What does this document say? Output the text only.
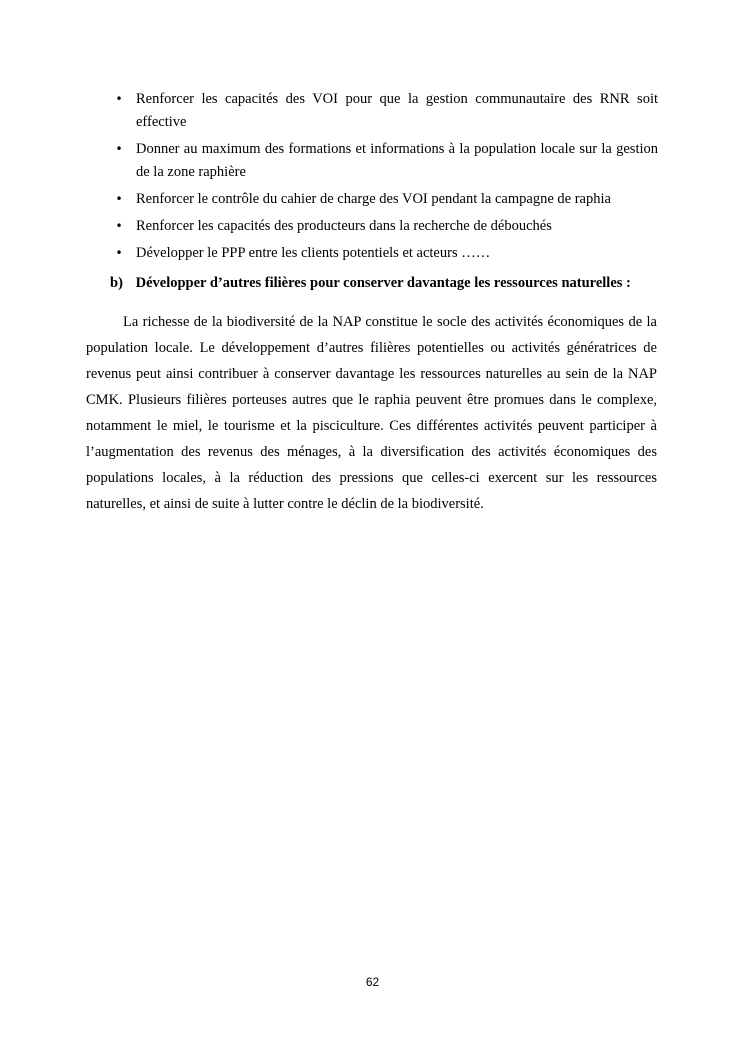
• Renforcer les capacités des VOI pour que la gestion communautaire des RNR soit effective
• Donner au maximum des formations et informations à la population locale sur la gestion de la zone raphière
• Renforcer le contrôle du cahier de charge des VOI pendant la campagne de raphia
• Renforcer les capacités des producteurs dans la recherche de débouchés
• Développer le PPP entre les clients potentiels et acteurs ……
b) Développer d’autres filières pour conserver davantage les ressources naturelles :

La richesse de la biodiversité de la NAP constitue le socle des activités économiques de la population locale. Le développement d’autres filières potentielles ou activités génératrices de revenus peut ainsi contribuer à conserver davantage les ressources naturelles au sein de la NAP CMK. Plusieurs filières porteuses autres que le raphia peuvent être promues dans le complexe, notamment le miel, le tourisme et la pisciculture. Ces différentes activités peuvent participer à l’augmentation des revenus des ménages, à la diversification des activités économiques des populations locales, à la réduction des pressions que celles-ci exercent sur les ressources naturelles, et ainsi de suite à lutter contre le déclin de la biodiversité.

62
